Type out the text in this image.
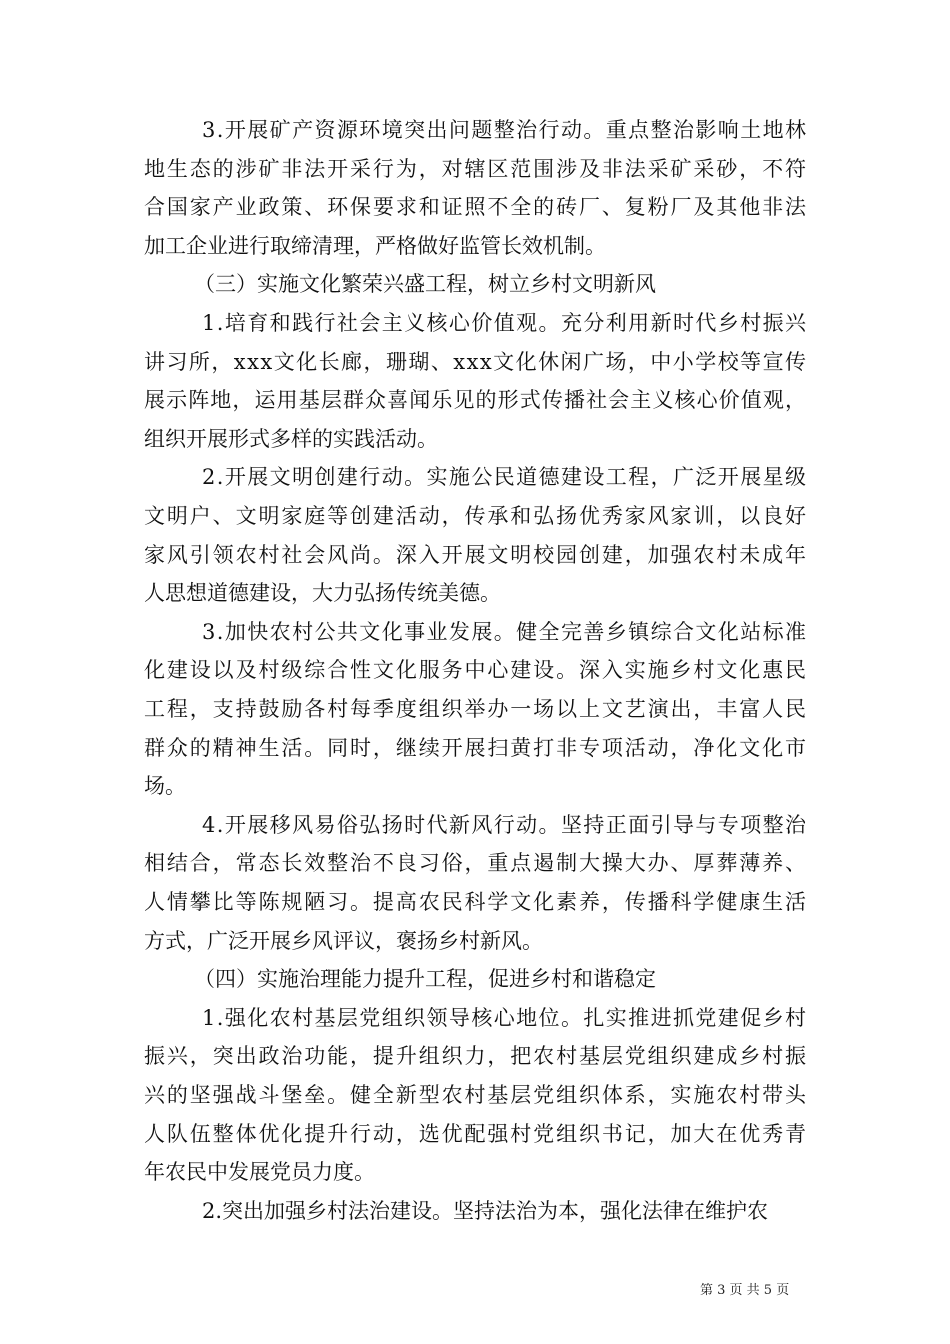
3.开展矿产资源环境突出问题整治行动。重点整治影响土地林
地生态的涉矿非法开采行为，对辖区范围涉及非法采矿采砂，不符
合国家产业政策、环保要求和证照不全的砖厂、复粉厂及其他非法
加工企业进行取缔清理，严格做好监管长效机制。
（三）实施文化繁荣兴盛工程，树立乡村文明新风
1.培育和践行社会主义核心价值观。充分利用新时代乡村振兴
讲习所，xxx文化长廊，珊瑚、xxx文化休闲广场，中小学校等宣传
展示阵地，运用基层群众喜闻乐见的形式传播社会主义核心价值观，
组织开展形式多样的实践活动。
2.开展文明创建行动。实施公民道德建设工程，广泛开展星级
文明户、文明家庭等创建活动，传承和弘扬优秀家风家训，以良好
家风引领农村社会风尚。深入开展文明校园创建，加强农村未成年
人思想道德建设，大力弘扬传统美德。
3.加快农村公共文化事业发展。健全完善乡镇综合文化站标准
化建设以及村级综合性文化服务中心建设。深入实施乡村文化惠民
工程，支持鼓励各村每季度组织举办一场以上文艺演出，丰富人民
群众的精神生活。同时，继续开展扫黄打非专项活动，净化文化市
场。
4.开展移风易俗弘扬时代新风行动。坚持正面引导与专项整治
相结合，常态长效整治不良习俗，重点遏制大操大办、厚葬薄养、
人情攀比等陈规陋习。提高农民科学文化素养，传播科学健康生活
方式，广泛开展乡风评议，褒扬乡村新风。
（四）实施治理能力提升工程，促进乡村和谐稳定
1.强化农村基层党组织领导核心地位。扎实推进抓党建促乡村
振兴，突出政治功能，提升组织力，把农村基层党组织建成乡村振
兴的坚强战斗堡垒。健全新型农村基层党组织体系，实施农村带头
人队伍整体优化提升行动，选优配强村党组织书记，加大在优秀青
年农民中发展党员力度。
2.突出加强乡村法治建设。坚持法治为本，强化法律在维护农
第 3 页 共 5 页
